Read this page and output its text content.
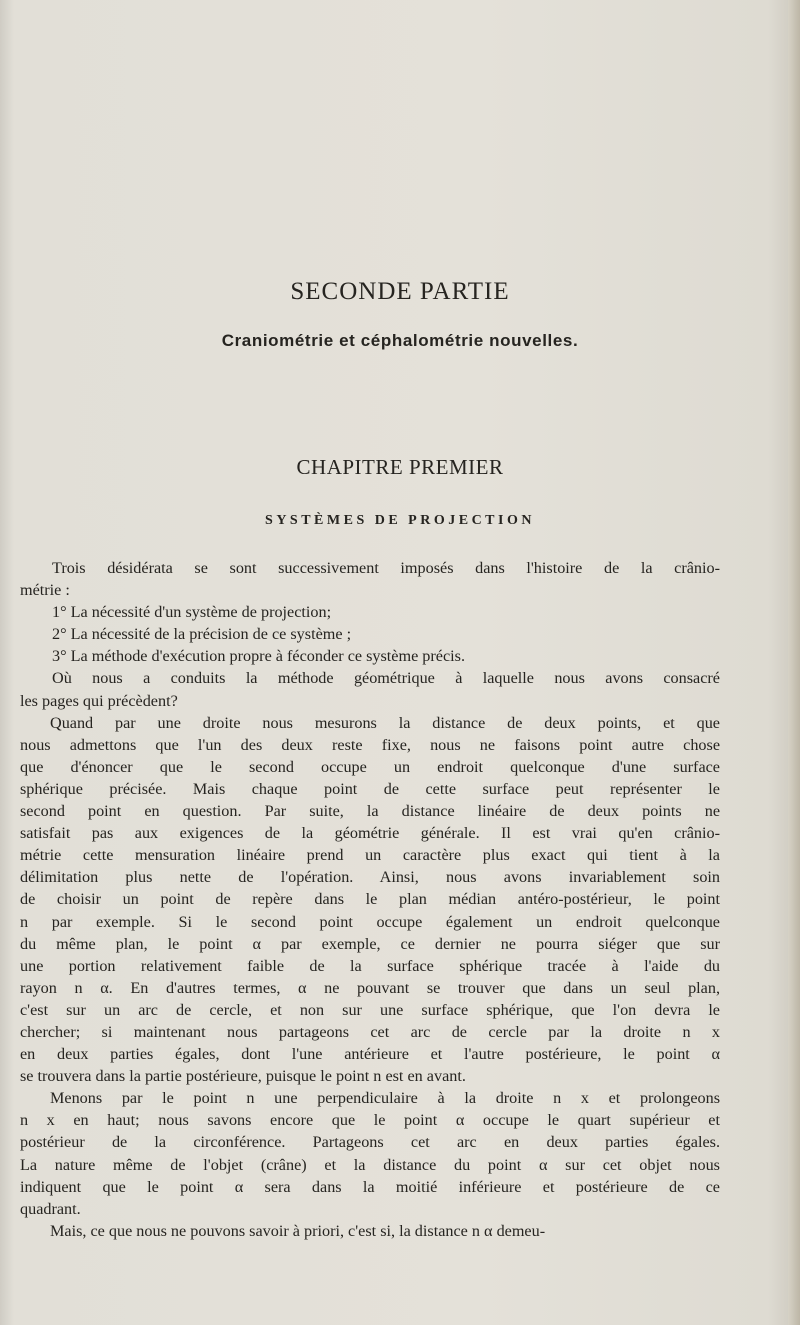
SECONDE PARTIE
Craniométrie et céphalométrie nouvelles.
CHAPITRE PREMIER
SYSTÈMES DE PROJECTION
Trois désidérata se sont successivement imposés dans l'histoire de la crânio-
métrie :
1° La nécessité d'un système de projection;
2° La nécessité de la précision de ce système ;
3° La méthode d'exécution propre à féconder ce système précis.
Où nous a conduits la méthode géométrique à laquelle nous avons consacré
les pages qui précèdent?
Quand par une droite nous mesurons la distance de deux points, et que
nous admettons que l'un des deux reste fixe, nous ne faisons point autre chose
que d'énoncer que le second occupe un endroit quelconque d'une surface
sphérique précisée. Mais chaque point de cette surface peut représenter le
second point en question. Par suite, la distance linéaire de deux points ne
satisfait pas aux exigences de la géométrie générale. Il est vrai qu'en crânio-
métrie cette mensuration linéaire prend un caractère plus exact qui tient à la
délimitation plus nette de l'opération. Ainsi, nous avons invariablement soin
de choisir un point de repère dans le plan médian antéro-postérieur, le point
n par exemple. Si le second point occupe également un endroit quelconque
du même plan, le point α par exemple, ce dernier ne pourra siéger que sur
une portion relativement faible de la surface sphérique tracée à l'aide du
rayon n α. En d'autres termes, α ne pouvant se trouver que dans un seul plan,
c'est sur un arc de cercle, et non sur une surface sphérique, que l'on devra le
chercher; si maintenant nous partageons cet arc de cercle par la droite n x
en deux parties égales, dont l'une antérieure et l'autre postérieure, le point α
se trouvera dans la partie postérieure, puisque le point n est en avant.
Menons par le point n une perpendiculaire à la droite n x et prolongeons
n x en haut; nous savons encore que le point α occupe le quart supérieur et
postérieur de la circonférence. Partageons cet arc en deux parties égales.
La nature même de l'objet (crâne) et la distance du point α sur cet objet nous
indiquent que le point α sera dans la moitié inférieure et postérieure de ce
quadrant.
Mais, ce que nous ne pouvons savoir à priori, c'est si, la distance n α demeu-
